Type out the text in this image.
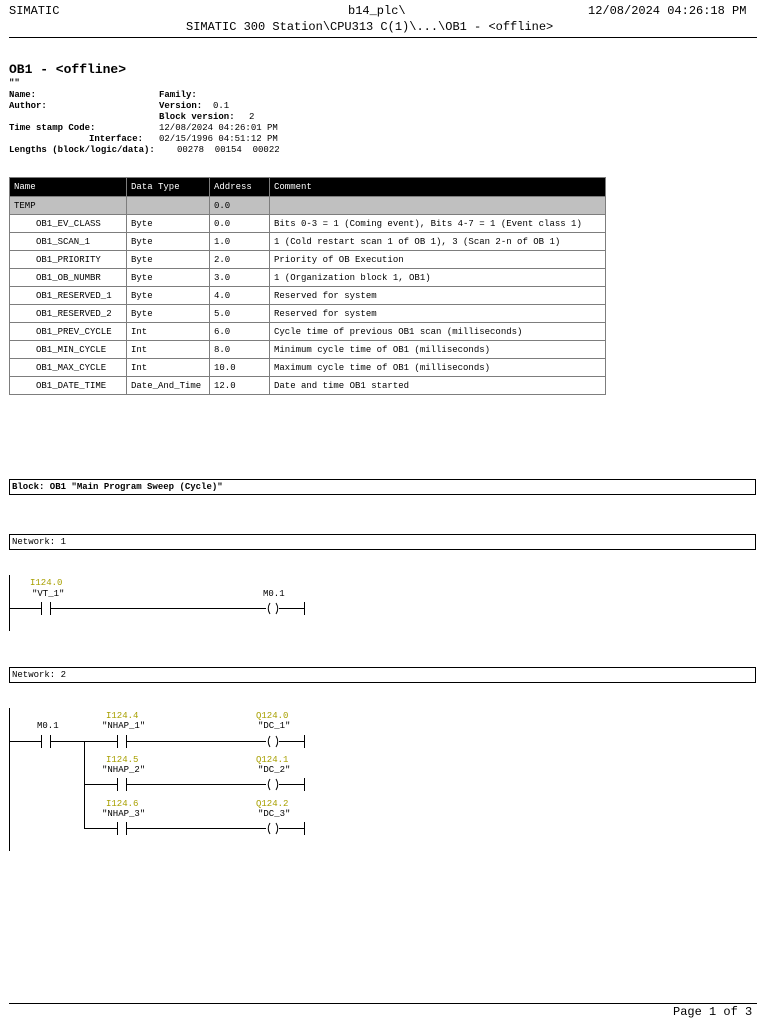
SIMATIC	b14_plc\	12/08/2024 04:26:18 PM
SIMATIC 300 Station\CPU313 C(1)\...\OB1 - <offline>
OB1 - <offline>
""
Name:	Family:
Author:	Version: 0.1
Block version: 2
Time stamp Code:	12/08/2024 04:26:01 PM
Interface: 02/15/1996 04:51:12 PM
Lengths (block/logic/data): 00278  00154  00022
Name	Data Type	Address	Comment
TEMP		0.0	
OB1_EV_CLASS	Byte	0.0	Bits 0-3 = 1 (Coming event), Bits 4-7 = 1 (Event class 1)
OB1_SCAN_1	Byte	1.0	1 (Cold restart scan 1 of OB 1), 3 (Scan 2-n of OB 1)
OB1_PRIORITY	Byte	2.0	Priority of OB Execution
OB1_OB_NUMBR	Byte	3.0	1 (Organization block 1, OB1)
OB1_RESERVED_1	Byte	4.0	Reserved for system
OB1_RESERVED_2	Byte	5.0	Reserved for system
OB1_PREV_CYCLE	Int	6.0	Cycle time of previous OB1 scan (milliseconds)
OB1_MIN_CYCLE	Int	8.0	Minimum cycle time of OB1 (milliseconds)
OB1_MAX_CYCLE	Int	10.0	Maximum cycle time of OB1 (milliseconds)
OB1_DATE_TIME	Date_And_Time	12.0	Date and time OB1 started
Block: OB1 "Main Program Sweep (Cycle)"
Network: 1
I124.0
"VT_1"	M0.1
Network: 2
M0.1
I124.4
"NHAP_1"
Q124.0
"DC_1"
I124.5
"NHAP_2"
Q124.1
"DC_2"
I124.6
"NHAP_3"
Q124.2
"DC_3"
Page 1 of 3
